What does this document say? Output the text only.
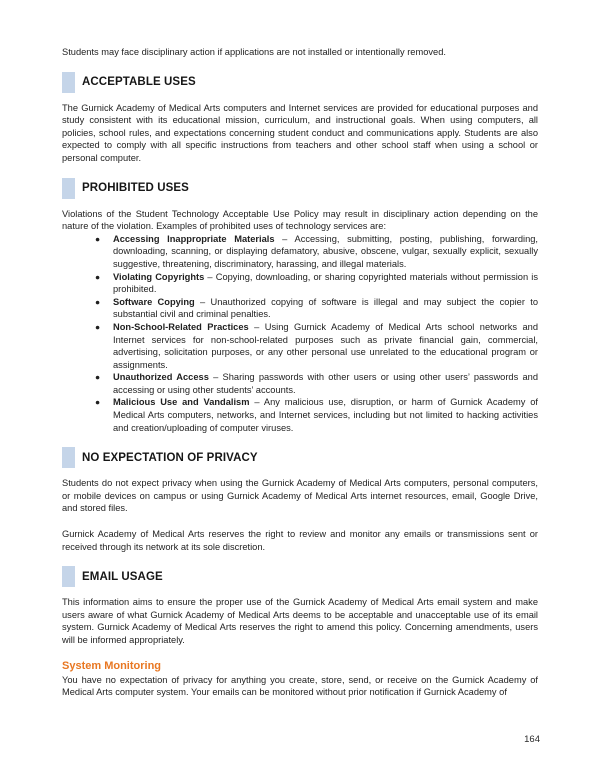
Students may face disciplinary action if applications are not installed or intentionally removed.

ACCEPTABLE USES

The Gurnick Academy of Medical Arts computers and Internet services are provided for educational purposes and study consistent with its educational mission, curriculum, and instructional goals. When using computers, all policies, school rules, and expectations concerning student conduct and communications apply. Students are also expected to comply with all specific instructions from teachers and other school staff when using a school or personal computer.

PROHIBITED USES

Violations of the Student Technology Acceptable Use Policy may result in disciplinary action depending on the nature of the violation. Examples of prohibited uses of technology services are:

● Accessing Inappropriate Materials – Accessing, submitting, posting, publishing, forwarding, downloading, scanning, or displaying defamatory, abusive, obscene, vulgar, sexually explicit, sexually suggestive, threatening, discriminatory, harassing, and illegal materials.
● Violating Copyrights – Copying, downloading, or sharing copyrighted materials without permission is prohibited.
● Software Copying – Unauthorized copying of software is illegal and may subject the copier to substantial civil and criminal penalties.
● Non-School-Related Practices – Using Gurnick Academy of Medical Arts school networks and Internet services for non-school-related purposes such as private financial gain, commercial, advertising, solicitation purposes, or any other personal use unrelated to the educational program or assignments.
● Unauthorized Access – Sharing passwords with other users or using other users’ passwords and accessing or using other students’ accounts.
● Malicious Use and Vandalism – Any malicious use, disruption, or harm of Gurnick Academy of Medical Arts computers, networks, and Internet services, including but not limited to hacking activities and creation/uploading of computer viruses.
NO EXPECTATION OF PRIVACY

Students do not expect privacy when using the Gurnick Academy of Medical Arts computers, personal computers, or mobile devices on campus or using Gurnick Academy of Medical Arts internet resources, email, Google Drive, and stored files.

Gurnick Academy of Medical Arts reserves the right to review and monitor any emails or transmissions sent or received through its network at its sole discretion.

EMAIL USAGE

This information aims to ensure the proper use of the Gurnick Academy of Medical Arts email system and make users aware of what Gurnick Academy of Medical Arts deems to be acceptable and unacceptable use of its email system. Gurnick Academy of Medical Arts reserves the right to amend this policy. Concerning amendments, users will be informed appropriately.

System Monitoring

You have no expectation of privacy for anything you create, store, send, or receive on the Gurnick Academy of Medical Arts computer system. Your emails can be monitored without prior notification if Gurnick Academy of

164
